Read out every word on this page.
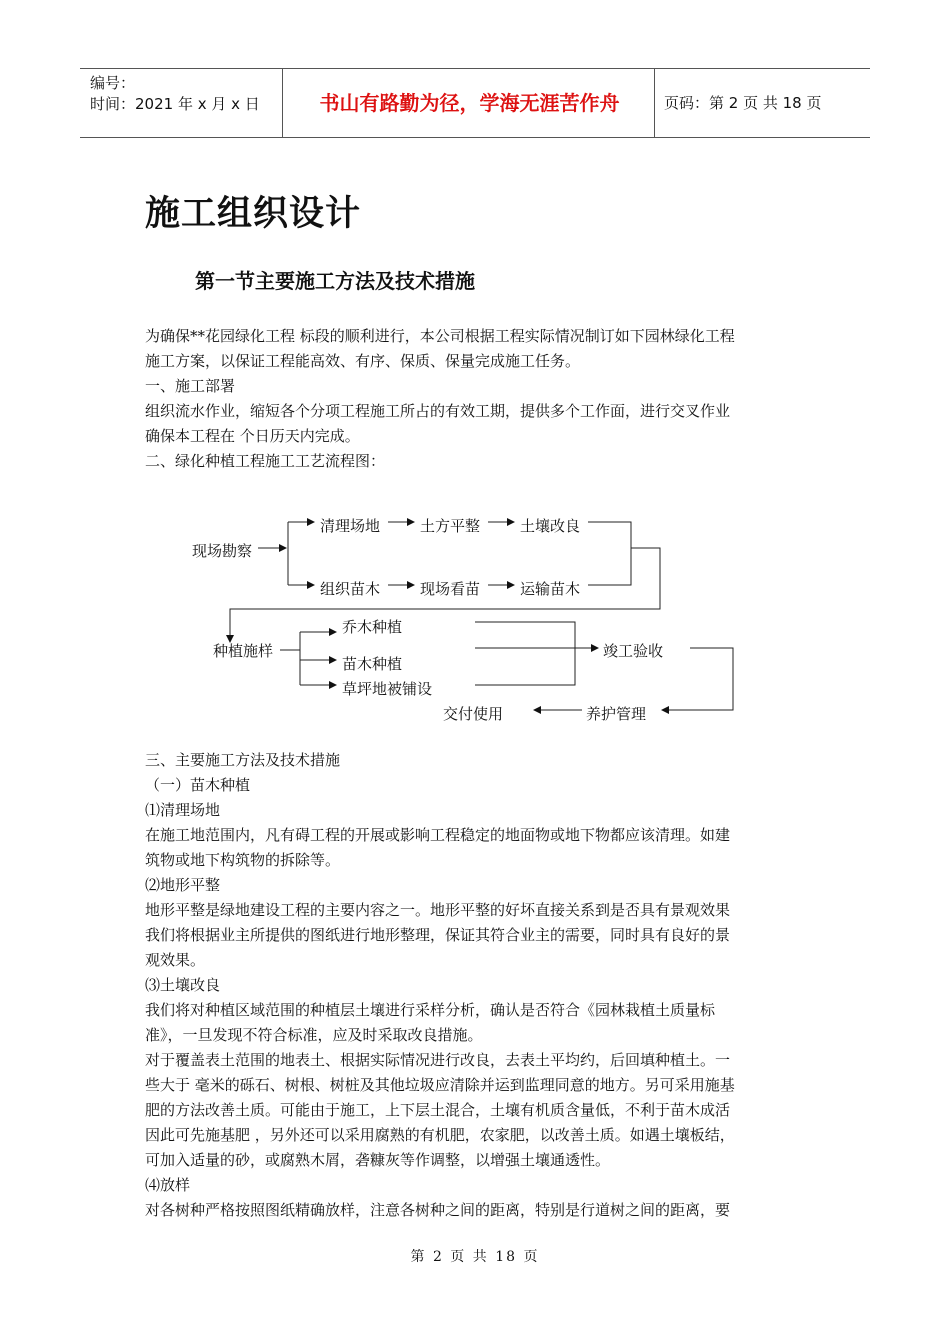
编号：
时间：2021 年 x 月 x 日	书山有路勤为径，学海无涯苦作舟	页码：第 2 页 共 18 页
施工组织设计
第一节主要施工方法及技术措施

为确保**花园绿化工程 标段的顺利进行，本公司根据工程实际情况制订如下园林绿化工程

施工方案，以保证工程能高效、有序、保质、保量完成施工任务。

一、施工部署

组织流水作业，缩短各个分项工程施工所占的有效工期，提供多个工作面，进行交叉作业

确保本工程在 个日历天内完成。

二、绿化种植工程施工工艺流程图：

现场勘察
清理场地	土方平整	土壤改良
组织苗木	现场看苗	运输苗木
种植施样
乔木种植
苗木种植
草坪地被铺设
竣工验收
养护管理
交付使用

三、主要施工方法及技术措施

（一）苗木种植

⑴清理场地

在施工地范围内，凡有碍工程的开展或影响工程稳定的地面物或地下物都应该清理。如建

筑物或地下构筑物的拆除等。

⑵地形平整

地形平整是绿地建设工程的主要内容之一。地形平整的好坏直接关系到是否具有景观效果

我们将根据业主所提供的图纸进行地形整理，保证其符合业主的需要，同时具有良好的景

观效果。

⑶土壤改良

我们将对种植区域范围的种植层土壤进行采样分析，确认是否符合《园林栽植土质量标

准》，一旦发现不符合标准，应及时采取改良措施。

对于覆盖表土范围的地表土、根据实际情况进行改良，去表土平均约，后回填种植土。一

些大于 毫米的砾石、树根、树桩及其他垃圾应清除并运到监理同意的地方。另可采用施基

肥的方法改善土质。可能由于施工，上下层土混合，土壤有机质含量低，不利于苗木成活

因此可先施基肥 ，另外还可以采用腐熟的有机肥，农家肥，以改善土质。如遇土壤板结，

可加入适量的砂，或腐熟木屑，砻糠灰等作调整，以增强土壤通透性。

⑷放样

对各树种严格按照图纸精确放样，注意各树种之间的距离，特别是行道树之间的距离，要

第 2 页 共 18 页
